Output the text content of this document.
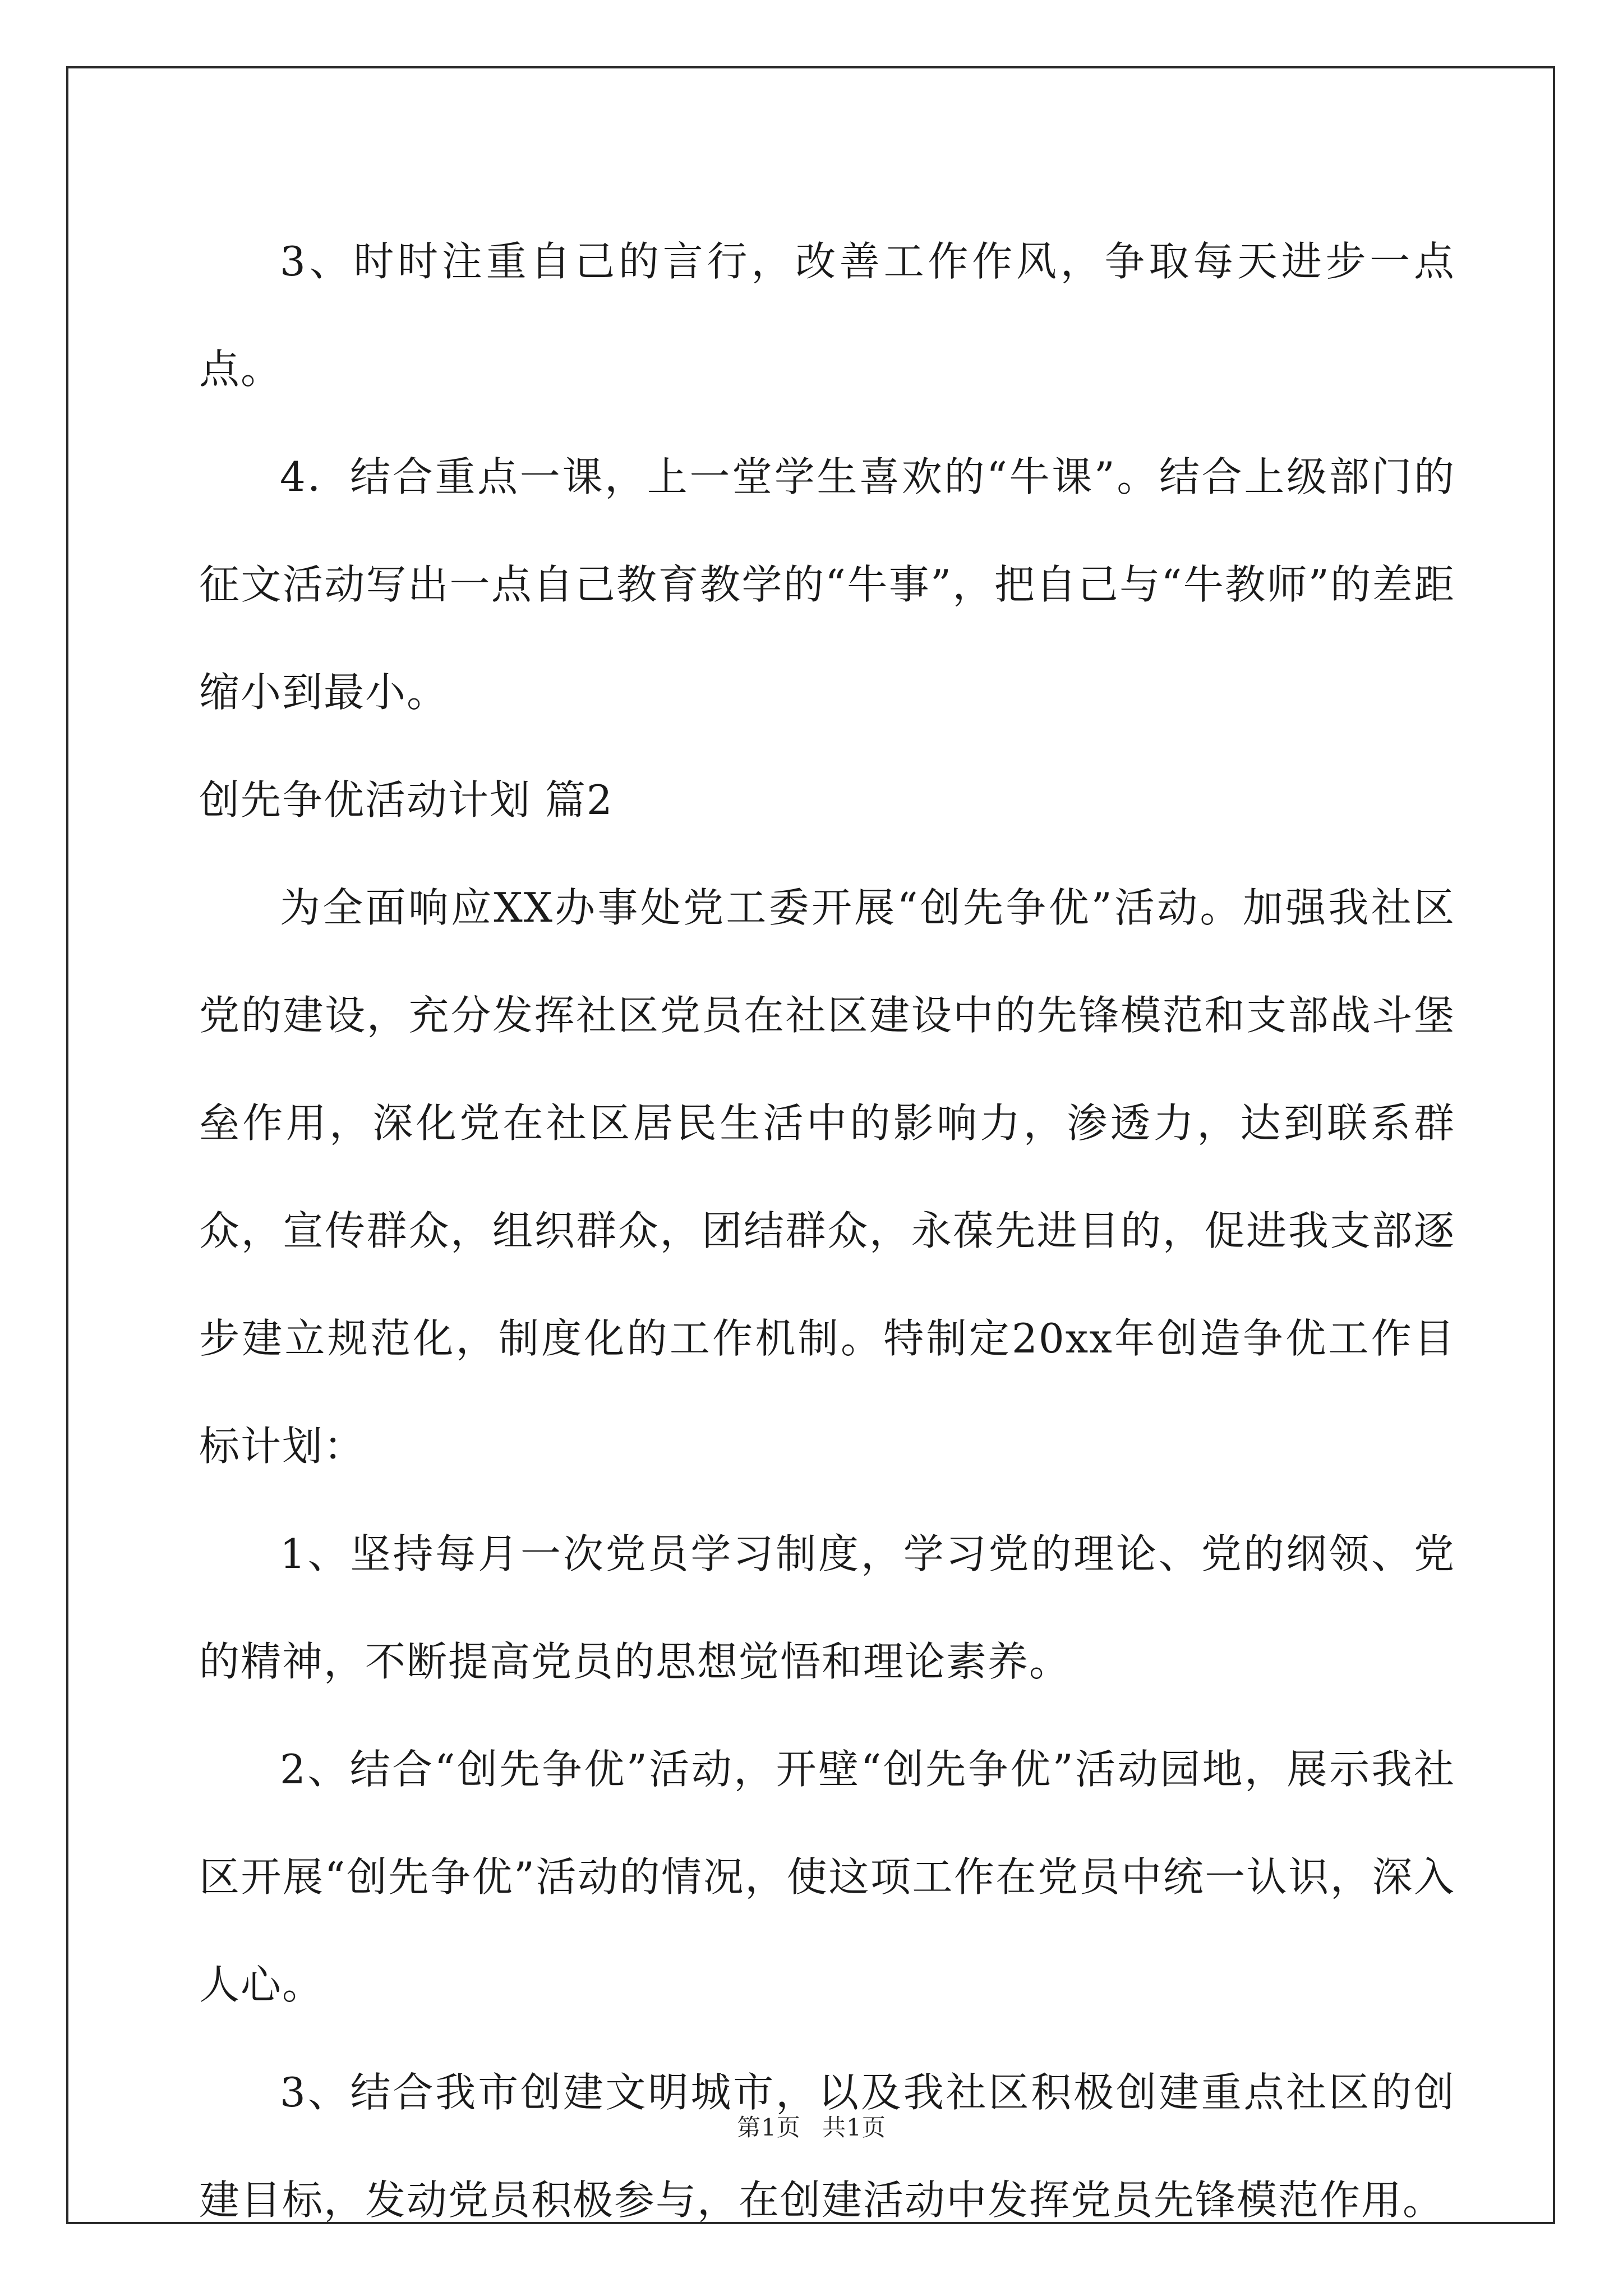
3、时时注重自己的言行，改善工作作风，争取每天进步一点点。

4．结合重点一课，上一堂学生喜欢的“牛课”。结合上级部门的征文活动写出一点自己教育教学的“牛事”，把自己与“牛教师”的差距缩小到最小。

创先争优活动计划 篇2

为全面响应XX办事处党工委开展“创先争优”活动。加强我社区党的建设，充分发挥社区党员在社区建设中的先锋模范和支部战斗堡垒作用，深化党在社区居民生活中的影响力，渗透力，达到联系群众，宣传群众，组织群众，团结群众，永葆先进目的，促进我支部逐步建立规范化，制度化的工作机制。特制定20xx年创造争优工作目标计划：

1、坚持每月一次党员学习制度，学习党的理论、党的纲领、党的精神，不断提高党员的思想觉悟和理论素养。

2、结合“创先争优”活动，开壁“创先争优”活动园地，展示我社区开展“创先争优”活动的情况，使这项工作在党员中统一认识，深入人心。

3、结合我市创建文明城市，以及我社区积极创建重点社区的创建目标，发动党员积极参与，在创建活动中发挥党员先锋模范作用。

第1页 共1页
